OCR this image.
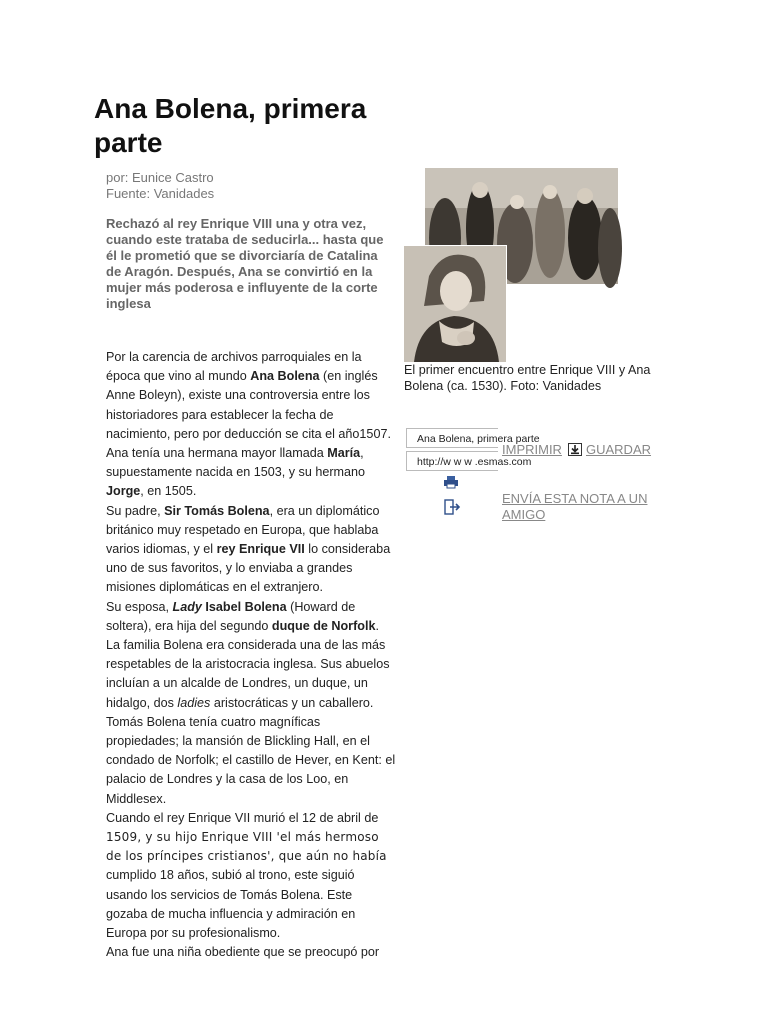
Ana Bolena, primera parte
por: Eunice Castro
Fuente: Vanidades

Rechazó al rey Enrique VIII una y otra vez, cuando este trataba de seducirla... hasta que él le prometió que se divorciaría de Catalina de Aragón. Después, Ana se convirtió en la mujer más poderosa e influyente de la corte inglesa

Por la carencia de archivos parroquiales en la época que vino al mundo Ana Bolena (en inglés Anne Boleyn), existe una controversia entre los historiadores para establecer la fecha de nacimiento, pero por deducción se cita el año1507. Ana tenía una hermana mayor llamada María, supuestamente nacida en 1503, y su hermano Jorge, en 1505.

Su padre, Sir Tomás Bolena, era un diplomático británico muy respetado en Europa, que hablaba varios idiomas, y el rey Enrique VII lo consideraba uno de sus favoritos, y lo enviaba a grandes misiones diplomáticas en el extranjero.

Su esposa, Lady Isabel Bolena (Howard de soltera), era hija del segundo duque de Norfolk.

La familia Bolena era considerada una de las más respetables de la aristocracia inglesa. Sus abuelos incluían a un alcalde de Londres, un duque, un hidalgo, dos ladies aristocráticas y un caballero.

Tomás Bolena tenía cuatro magníficas propiedades; la mansión de Blickling Hall, en el condado de Norfolk; el castillo de Hever, en Kent: el palacio de Londres y la casa de los Loo, en Middlesex.

Cuando el rey Enrique VII murió el 12 de abril de 1509, y su hijo Enrique VIII 'el más hermoso de los príncipes cristianos', que aún no había cumplido 18 años, subió al trono, este siguió usando los servicios de Tomás Bolena. Este gozaba de mucha influencia y admiración en Europa por su profesionalismo.

Ana fue una niña obediente que se preocupó por

El primer encuentro entre Enrique VIII y Ana Bolena (ca. 1530). Foto: Vanidades
Ana Bolena, primera parte
http://w w w .esmas.com
IMPRIMIR GUARDAR
ENVÍA ESTA NOTA A UN AMIGO
